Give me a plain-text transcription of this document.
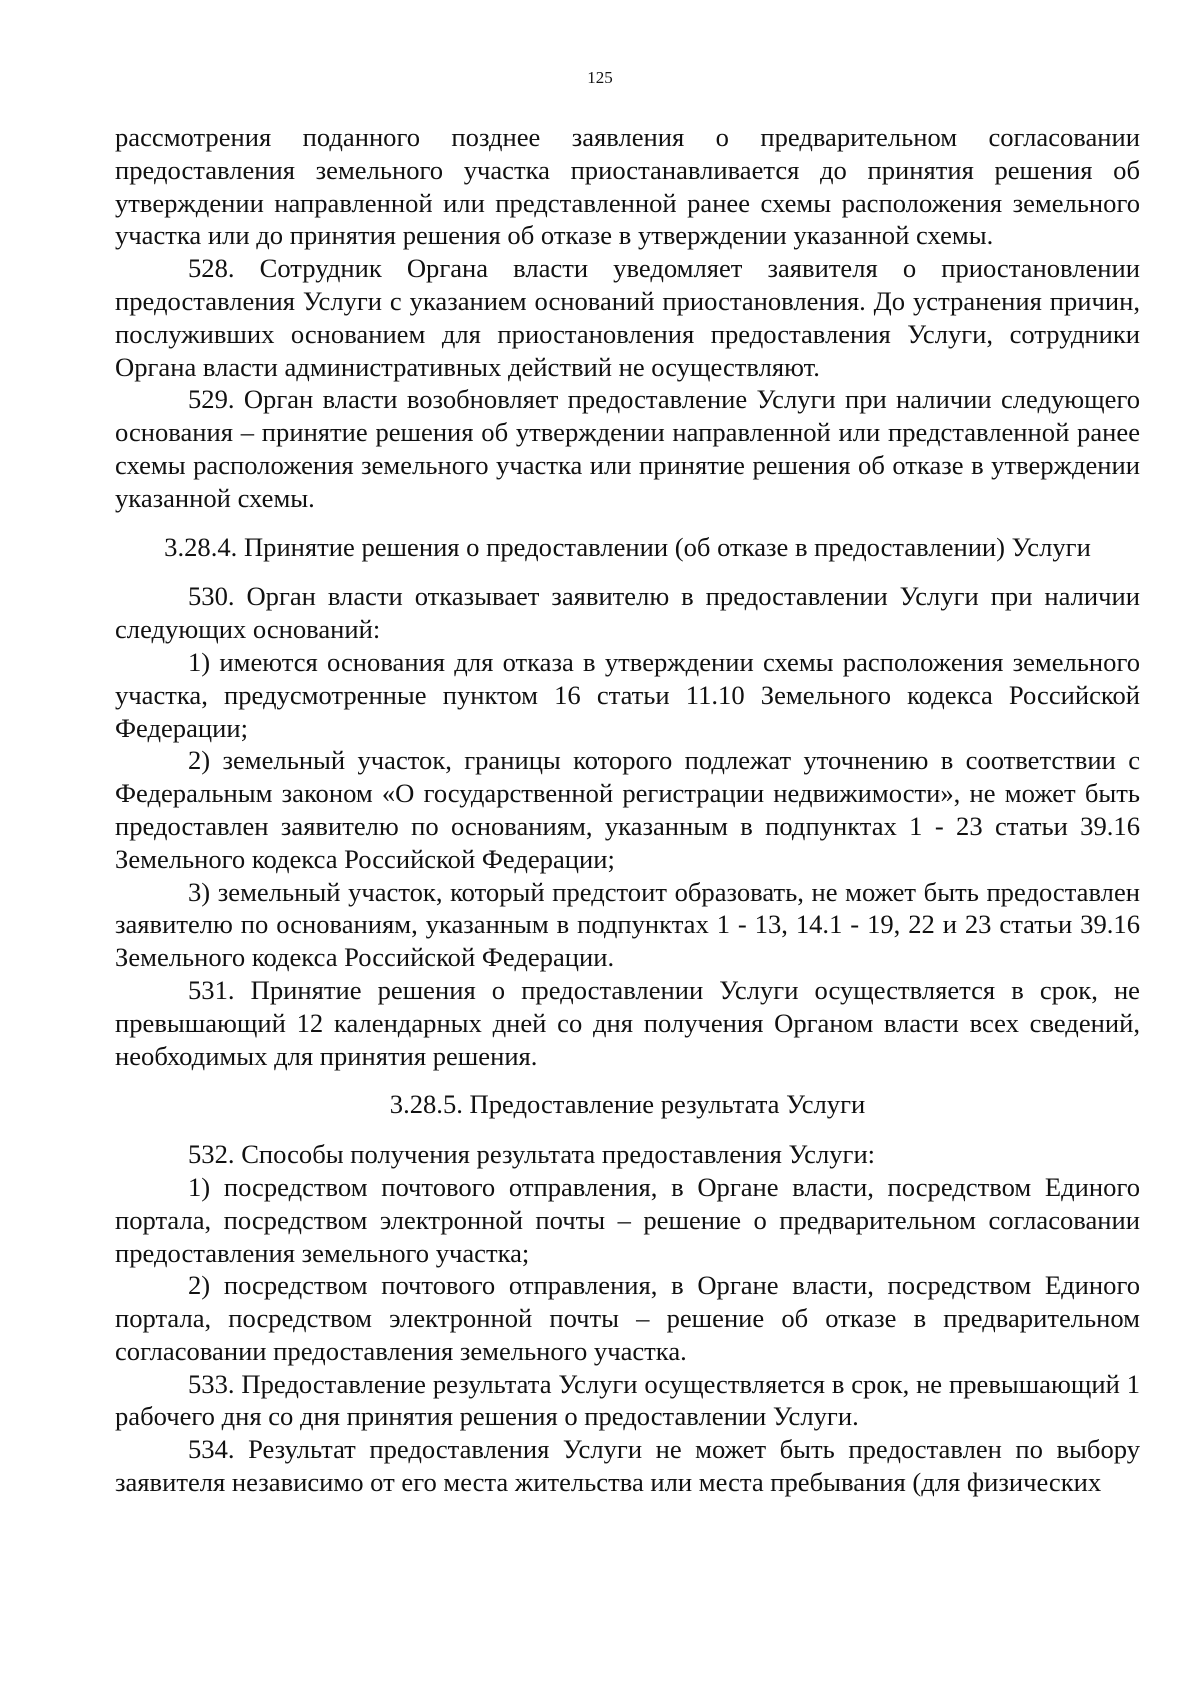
125

рассмотрения поданного позднее заявления о предварительном согласовании предоставления земельного участка приостанавливается до принятия решения об утверждении направленной или представленной ранее схемы расположения земельного участка или до принятия решения об отказе в утверждении указанной схемы.

528. Сотрудник Органа власти уведомляет заявителя о приостановлении предоставления Услуги с указанием оснований приостановления. До устранения причин, послуживших основанием для приостановления предоставления Услуги, сотрудники Органа власти административных действий не осуществляют.

529. Орган власти возобновляет предоставление Услуги при наличии следующего основания – принятие решения об утверждении направленной или представленной ранее схемы расположения земельного участка или принятие решения об отказе в утверждении указанной схемы.

3.28.4. Принятие решения о предоставлении (об отказе в предоставлении) Услуги

530. Орган власти отказывает заявителю в предоставлении Услуги при наличии следующих оснований:

1) имеются основания для отказа в утверждении схемы расположения земельного участка, предусмотренные пунктом 16 статьи 11.10 Земельного кодекса Российской Федерации;

2) земельный участок, границы которого подлежат уточнению в соответствии с Федеральным законом «О государственной регистрации недвижимости», не может быть предоставлен заявителю по основаниям, указанным в подпунктах 1 - 23 статьи 39.16 Земельного кодекса Российской Федерации;

3) земельный участок, который предстоит образовать, не может быть предоставлен заявителю по основаниям, указанным в подпунктах 1 - 13, 14.1 - 19, 22 и 23 статьи 39.16 Земельного кодекса Российской Федерации.

531. Принятие решения о предоставлении Услуги осуществляется в срок, не превышающий 12 календарных дней со дня получения Органом власти всех сведений, необходимых для принятия решения.

3.28.5. Предоставление результата Услуги

532. Способы получения результата предоставления Услуги:

1) посредством почтового отправления, в Органе власти, посредством Единого портала, посредством электронной почты – решение о предварительном согласовании предоставления земельного участка;

2) посредством почтового отправления, в Органе власти, посредством Единого портала, посредством электронной почты – решение об отказе в предварительном согласовании предоставления земельного участка.

533. Предоставление результата Услуги осуществляется в срок, не превышающий 1 рабочего дня со дня принятия решения о предоставлении Услуги.

534. Результат предоставления Услуги не может быть предоставлен по выбору заявителя независимо от его места жительства или места пребывания (для физических
